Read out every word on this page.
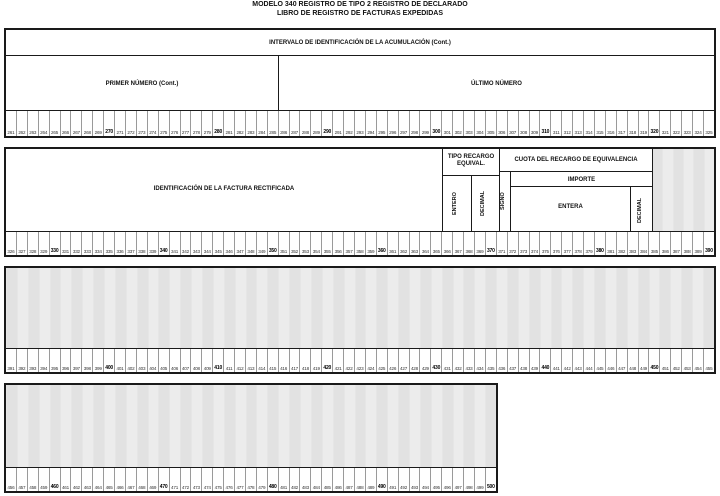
MODELO 340 REGISTRO DE TIPO 2 REGISTRO DE DECLARADO
LIBRO DE REGISTRO DE FACTURAS EXPEDIDAS
INTERVALO DE IDENTIFICACIÓN DE LA ACUMULACIÓN (Cont.)
PRIMER NÚMERO (Cont.)	ÚLTIMO NÚMERO
261 262 263 264 265 266 267 268 269 270 271 272 273 274 275 276 277 278 279 280 281 282 283 284 285 286 287 288 289 290 291 292 293 294 295 296 297 298 299 300 301 302 303 304 305 306 307 308 309 310 311 312 313 314 315 316 317 318 319 320 321 322 323 324 325
IDENTIFICACIÓN DE LA FACTURA RECTIFICADA
TIPO RECARGO EQUIVAL.
ENTERO	DECIMAL
CUOTA DEL RECARGO DE EQUIVALENCIA
SIGNO
IMPORTE
ENTERA	DECIMAL
326 327 328 329 330 331 332 333 334 335 336 337 338 339 340 341 342 343 344 345 346 347 348 349 350 351 352 353 354 355 356 357 358 359 360 361 362 363 364 365 366 367 368 369 370 371 372 373 374 375 376 377 378 379 380 381 382 383 384 385 386 387 388 389 390
391 392 393 394 395 396 397 398 399 400 401 402 403 404 405 406 407 408 409 410 411 412 413 414 415 416 417 418 419 420 421 422 423 424 425 426 427 428 429 430 431 432 433 434 435 436 437 438 439 440 441 442 443 444 445 446 447 448 449 450 451 452 453 454 455
456 457 458 459 460 461 462 463 464 465 466 467 468 469 470 471 472 473 474 475 476 477 478 479 480 481 482 483 484 485 486 487 488 489 490 491 492 493 494 495 496 497 498 499 500
